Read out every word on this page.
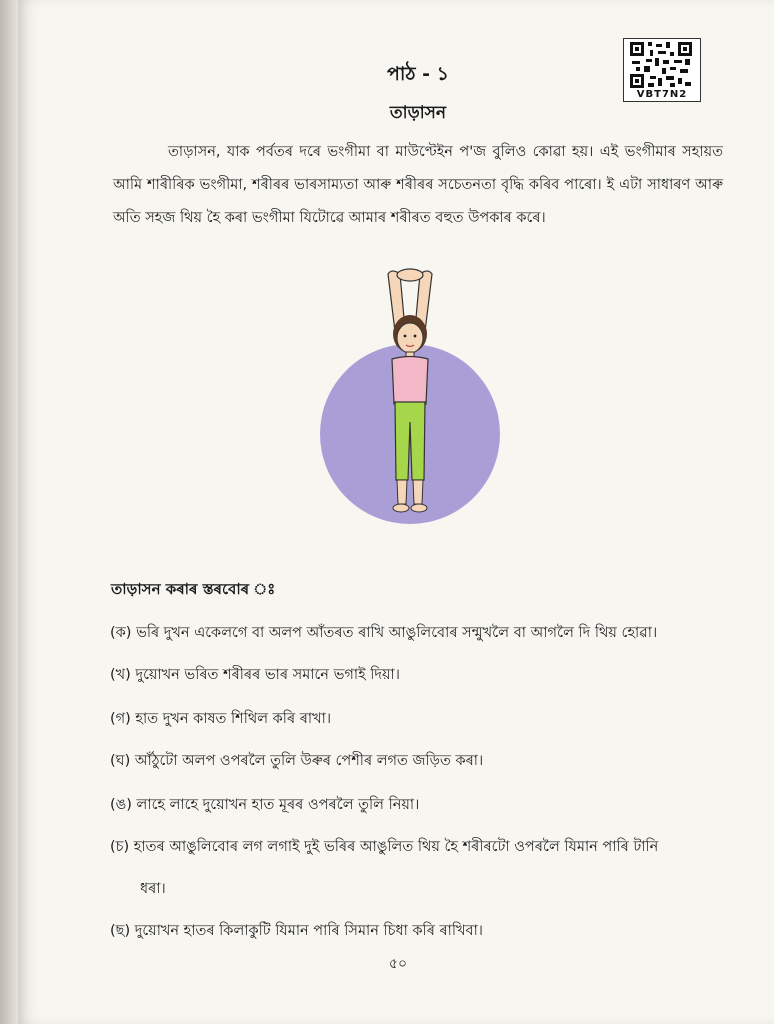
VBT7N2
পাঠ - ১
তাড়াসন

তাড়াসন, যাক পৰ্বতৰ দৰে ভংগীমা বা মাউণ্টেইন প'জ বুলিও কোৱা হয়। এই ভংগীমাৰ সহায়ত আমি শাৰীৰিক ভংগীমা, শৰীৰৰ ভাৰসাম্যতা আৰু শৰীৰৰ সচেতনতা বৃদ্ধি কৰিব পাৰো। ই এটা সাধাৰণ আৰু অতি সহজ থিয় হৈ কৰা ভংগীমা যিটোৱে আমাৰ শৰীৰত বহুত উপকাৰ কৰে।

তাড়াসন কৰাৰ স্তৰবোৰ ঃ
(ক) ভৰি দুখন একেলগে বা অলপ আঁতৰত ৰাখি আঙুলিবোৰ সন্মুখলৈ বা আগলৈ দি থিয় হোৱা।
(খ) দুয়োখন ভৰিত শৰীৰৰ ভাৰ সমানে ভগাই দিয়া।
(গ) হাত দুখন কাষত শিথিল কৰি ৰাখা।
(ঘ) আঁঠুটো অলপ ওপৰলৈ তুলি উৰুৰ পেশীৰ লগত জড়িত কৰা।
(ঙ) লাহে লাহে দুয়োখন হাত মূৰৰ ওপৰলৈ তুলি নিয়া।
(চ) হাতৰ আঙুলিবোৰ লগ লগাই দুই ভৰিৰ আঙুলিত থিয় হৈ শৰীৰটো ওপৰলৈ যিমান পাৰি টানি
ধৰা।
(ছ) দুয়োখন হাতৰ কিলাকুটি যিমান পাৰি সিমান চিধা কৰি ৰাখিবা।
৫০
